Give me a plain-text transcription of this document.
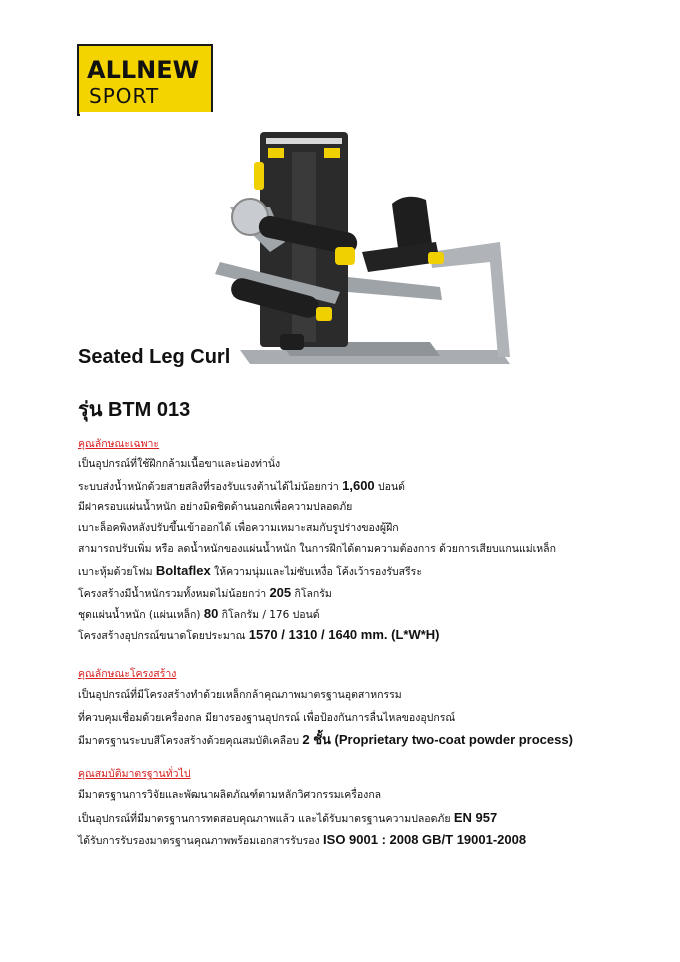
ALLNEW
SPORT
Seated Leg Curl
รุ่น BTM 013
คุณลักษณะเฉพาะ
เป็นอุปกรณ์ที่ใช้ฝึกกล้ามเนื้อขาและน่องท่านั่ง
ระบบส่งน้ำหนักด้วยสายสลิงที่รองรับแรงต้านได้ไม่น้อยกว่า 1,600 ปอนด์
มีฝาครอบแผ่นน้ำหนัก อย่างมิดชิดด้านนอกเพื่อความปลอดภัย
เบาะล็อคพิงหลังปรับขึ้นเข้าออกได้ เพื่อความเหมาะสมกับรูปร่างของผู้ฝึก
สามารถปรับเพิ่ม หรือ ลดน้ำหนักของแผ่นน้ำหนัก ในการฝึกได้ตามความต้องการ ด้วยการเสียบแกนแม่เหล็ก
เบาะหุ้มด้วยโฟม Boltaflex ให้ความนุ่มและไม่ซับเหงื่อ โค้งเว้ารองรับสรีระ
โครงสร้างมีน้ำหนักรวมทั้งหมดไม่น้อยกว่า 205 กิโลกรัม
ชุดแผ่นน้ำหนัก (แผ่นเหล็ก) 80 กิโลกรัม / 176 ปอนด์
โครงสร้างอุปกรณ์ขนาดโดยประมาณ 1570 / 1310 / 1640 mm. (L*W*H)
คุณลักษณะโครงสร้าง
เป็นอุปกรณ์ที่มีโครงสร้างทำด้วยเหล็กกล้าคุณภาพมาตรฐานอุตสาหกรรม
ที่ควบคุมเชื่อมด้วยเครื่องกล มียางรองฐานอุปกรณ์ เพื่อป้องกันการลื่นไหลของอุปกรณ์
มีมาตรฐานระบบสีโครงสร้างด้วยคุณสมบัติเคลือบ 2 ชั้น (Proprietary two-coat powder process)
คุณสมบัติมาตรฐานทั่วไป
มีมาตรฐานการวิจัยและพัฒนาผลิตภัณฑ์ตามหลักวิศวกรรมเครื่องกล
เป็นอุปกรณ์ที่มีมาตรฐานการทดสอบคุณภาพแล้ว และได้รับมาตรฐานความปลอดภัย EN 957
ได้รับการรับรองมาตรฐานคุณภาพพร้อมเอกสารรับรอง ISO 9001 : 2008 GB/T 19001-2008
